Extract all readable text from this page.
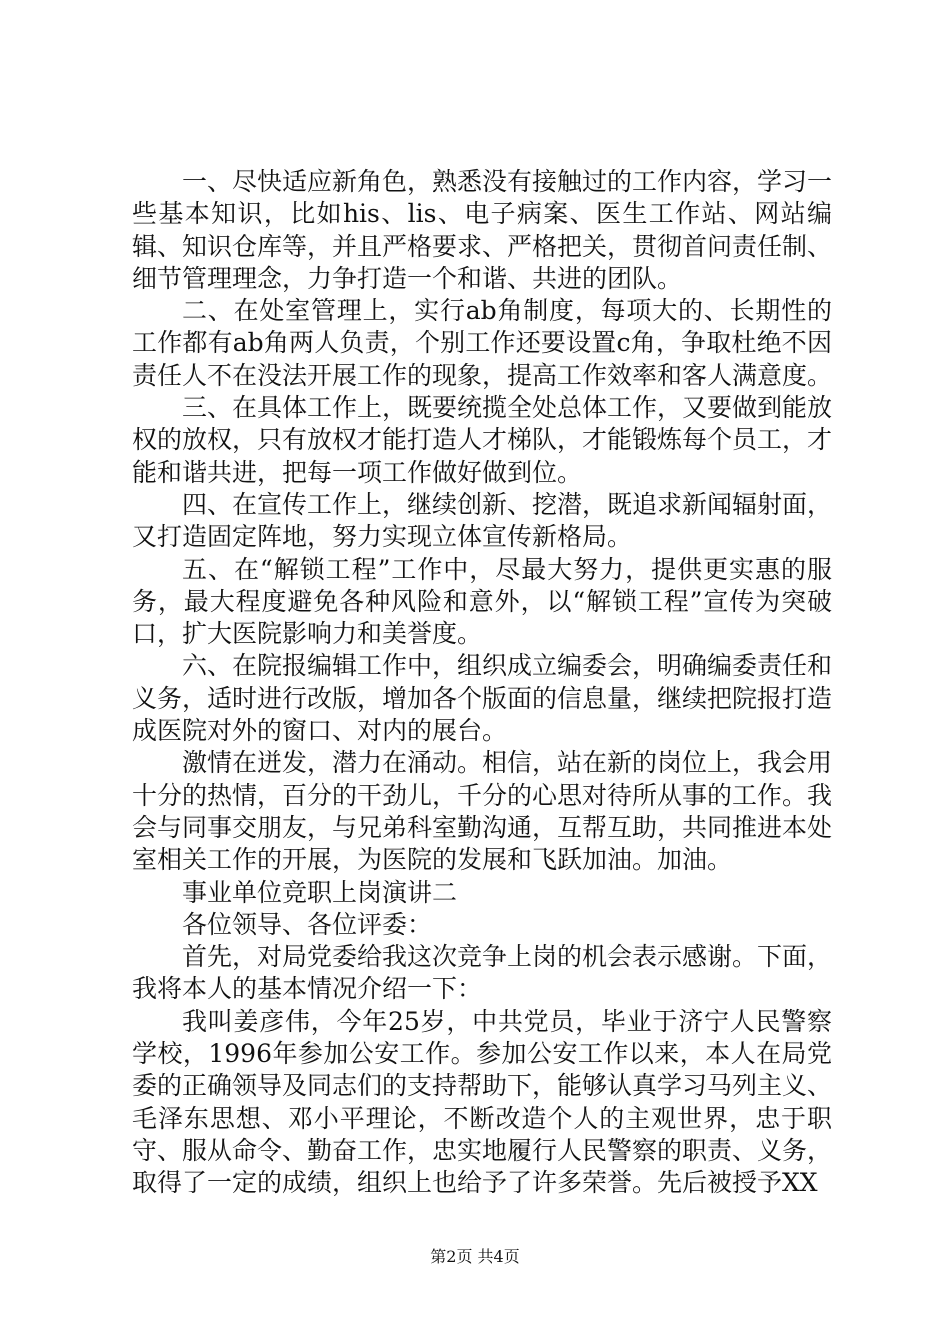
一、尽快适应新角色，熟悉没有接触过的工作内容，学习一些基本知识，比如his、lis、电子病案、医生工作站、网站编辑、知识仓库等，并且严格要求、严格把关，贯彻首问责任制、细节管理理念，力争打造一个和谐、共进的团队。

二、在处室管理上，实行ab角制度，每项大的、长期性的工作都有ab角两人负责，个别工作还要设置c角，争取杜绝不因责任人不在没法开展工作的现象，提高工作效率和客人满意度。

三、在具体工作上，既要统揽全处总体工作，又要做到能放权的放权，只有放权才能打造人才梯队，才能锻炼每个员工，才能和谐共进，把每一项工作做好做到位。

四、在宣传工作上，继续创新、挖潜，既追求新闻辐射面，又打造固定阵地，努力实现立体宣传新格局。

五、在“解锁工程”工作中，尽最大努力，提供更实惠的服务，最大程度避免各种风险和意外，以“解锁工程”宣传为突破口，扩大医院影响力和美誉度。

六、在院报编辑工作中，组织成立编委会，明确编委责任和义务，适时进行改版，增加各个版面的信息量，继续把院报打造成医院对外的窗口、对内的展台。

激情在迸发，潜力在涌动。相信，站在新的岗位上，我会用十分的热情，百分的干劲儿，千分的心思对待所从事的工作。我会与同事交朋友，与兄弟科室勤沟通，互帮互助，共同推进本处室相关工作的开展，为医院的发展和飞跃加油。加油。

事业单位竞职上岗演讲二

各位领导、各位评委：

首先，对局党委给我这次竞争上岗的机会表示感谢。下面，我将本人的基本情况介绍一下：

我叫姜彦伟，今年25岁，中共党员，毕业于济宁人民警察学校，1996年参加公安工作。参加公安工作以来，本人在局党委的正确领导及同志们的支持帮助下，能够认真学习马列主义、毛泽东思想、邓小平理论，不断改造个人的主观世界，忠于职守、服从命令、勤奋工作，忠实地履行人民警察的职责、义务，取得了一定的成绩，组织上也给予了许多荣誉。先后被授予XX

第2页 共4页
